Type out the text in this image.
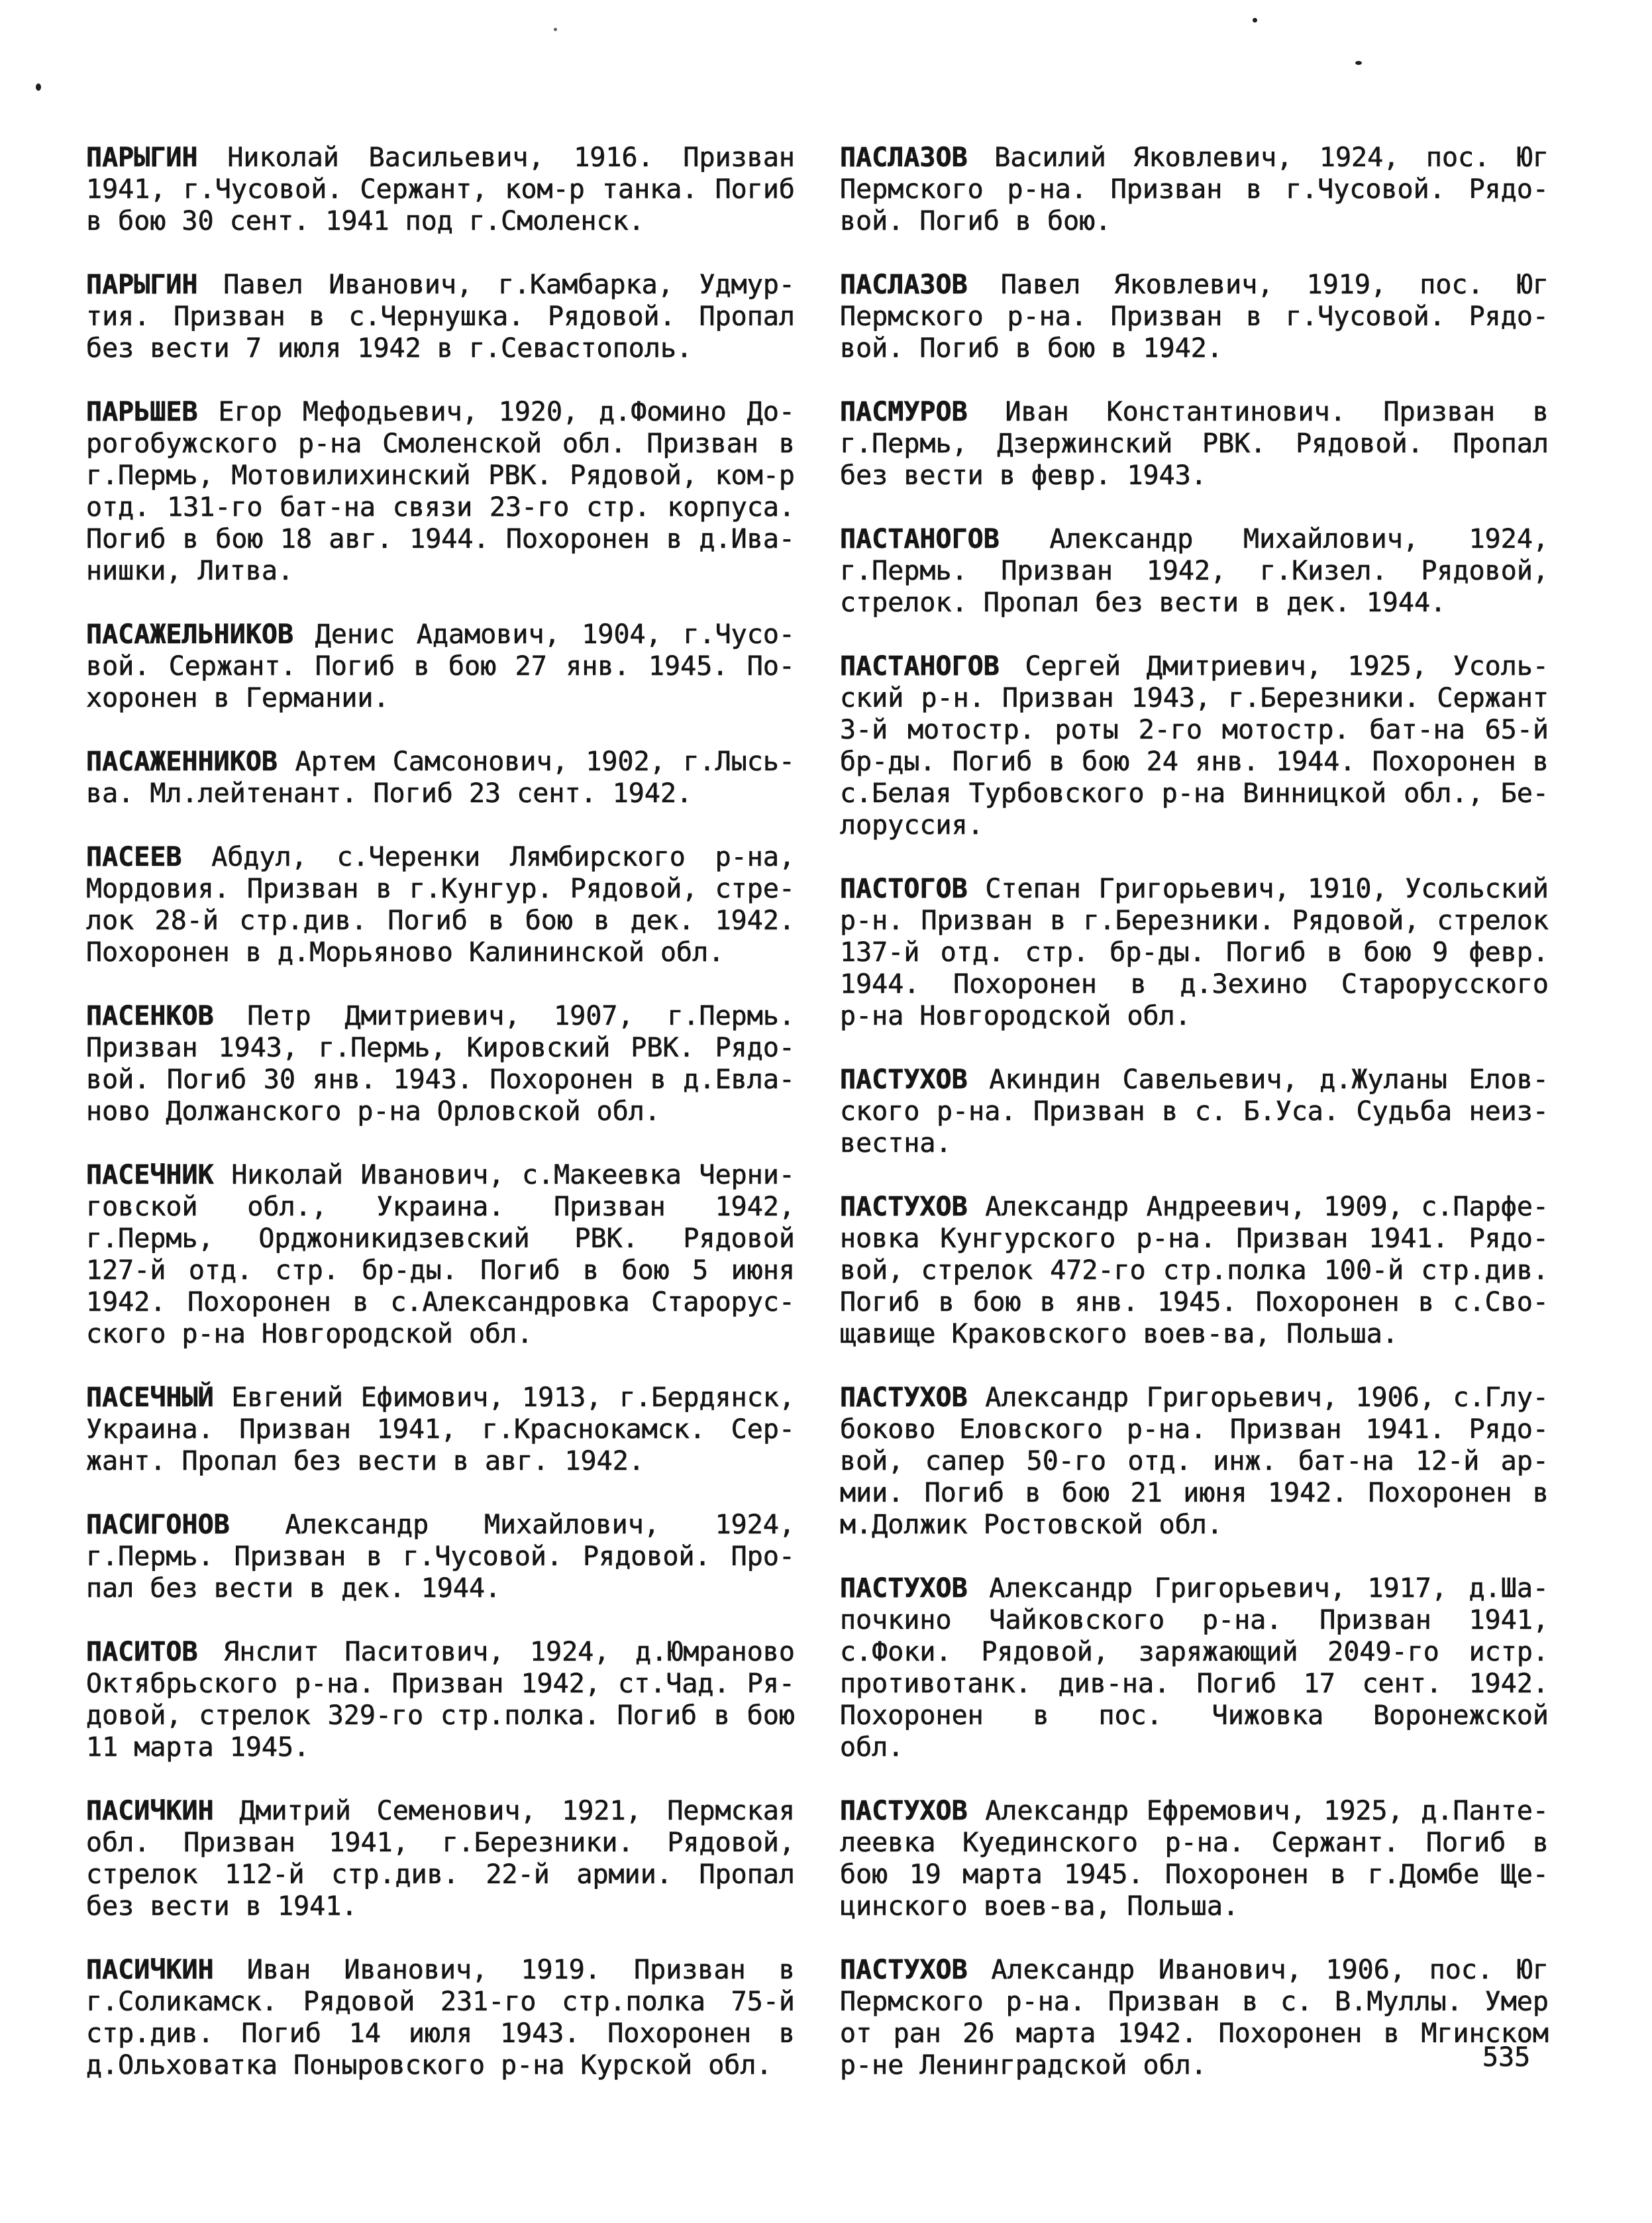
ПАРЫГИН Николай Васильевич, 1916. Призван
1941, г.Чусовой. Сержант, ком-р танка. Погиб
в бою 30 сент. 1941 под г.Смоленск.
ПАРЫГИН Павел Иванович, г.Камбарка, Удмур-
тия. Призван в с.Чернушка. Рядовой. Пропал
без вести 7 июля 1942 в г.Севастополь.
ПАРЬШЕВ Егор Мефодьевич, 1920, д.Фомино До-
рогобужского р-на Смоленской обл. Призван в
г.Пермь, Мотовилихинский РВК. Рядовой, ком-р
отд. 131-го бат-на связи 23-го стр. корпуса.
Погиб в бою 18 авг. 1944. Похоронен в д.Ива-
нишки, Литва.
ПАСАЖЕЛЬНИКОВ Денис Адамович, 1904, г.Чусо-
вой. Сержант. Погиб в бою 27 янв. 1945. По-
хоронен в Германии.
ПАСАЖЕННИКОВ Артем Самсонович, 1902, г.Лысь-
ва. Мл.лейтенант. Погиб 23 сент. 1942.
ПАСЕЕВ Абдул, с.Черенки Лямбирского р-на,
Мордовия. Призван в г.Кунгур. Рядовой, стре-
лок 28-й стр.див. Погиб в бою в дек. 1942.
Похоронен в д.Морьяново Калининской обл.
ПАСЕНКОВ Петр Дмитриевич, 1907, г.Пермь.
Призван 1943, г.Пермь, Кировский РВК. Рядо-
вой. Погиб 30 янв. 1943. Похоронен в д.Евла-
ново Должанского р-на Орловской обл.
ПАСЕЧНИК Николай Иванович, с.Макеевка Черни-
говской обл., Украина. Призван 1942,
г.Пермь, Орджоникидзевский РВК. Рядовой
127-й отд. стр. бр-ды. Погиб в бою 5 июня
1942. Похоронен в с.Александровка Старорус-
ского р-на Новгородской обл.
ПАСЕЧНЫЙ Евгений Ефимович, 1913, г.Бердянск,
Украина. Призван 1941, г.Краснокамск. Сер-
жант. Пропал без вести в авг. 1942.
ПАСИГОНОВ Александр Михайлович, 1924,
г.Пермь. Призван в г.Чусовой. Рядовой. Про-
пал без вести в дек. 1944.
ПАСИТОВ Янслит Паситович, 1924, д.Юмраново
Октябрьского р-на. Призван 1942, ст.Чад. Ря-
довой, стрелок 329-го стр.полка. Погиб в бою
11 марта 1945.
ПАСИЧКИН Дмитрий Семенович, 1921, Пермская
обл. Призван 1941, г.Березники. Рядовой,
стрелок 112-й стр.див. 22-й армии. Пропал
без вести в 1941.
ПАСИЧКИН Иван Иванович, 1919. Призван в
г.Соликамск. Рядовой 231-го стр.полка 75-й
стр.див. Погиб 14 июля 1943. Похоронен в
д.Ольховатка Поныровского р-на Курской обл.
ПАСЛАЗОВ Василий Яковлевич, 1924, пос. Юг
Пермского р-на. Призван в г.Чусовой. Рядо-
вой. Погиб в бою.
ПАСЛАЗОВ Павел Яковлевич, 1919, пос. Юг
Пермского р-на. Призван в г.Чусовой. Рядо-
вой. Погиб в бою в 1942.
ПАСМУРОВ Иван Константинович. Призван в
г.Пермь, Дзержинский РВК. Рядовой. Пропал
без вести в февр. 1943.
ПАСТАНОГОВ Александр Михайлович, 1924,
г.Пермь. Призван 1942, г.Кизел. Рядовой,
стрелок. Пропал без вести в дек. 1944.
ПАСТАНОГОВ Сергей Дмитриевич, 1925, Усоль-
ский р-н. Призван 1943, г.Березники. Сержант
3-й мотостр. роты 2-го мотостр. бат-на 65-й
бр-ды. Погиб в бою 24 янв. 1944. Похоронен в
с.Белая Турбовского р-на Винницкой обл., Бе-
лоруссия.
ПАСТОГОВ Степан Григорьевич, 1910, Усольский
р-н. Призван в г.Березники. Рядовой, стрелок
137-й отд. стр. бр-ды. Погиб в бою 9 февр.
1944. Похоронен в д.Зехино Старорусского
р-на Новгородской обл.
ПАСТУХОВ Акиндин Савельевич, д.Жуланы Елов-
ского р-на. Призван в с. Б.Уса. Судьба неиз-
вестна.
ПАСТУХОВ Александр Андреевич, 1909, с.Парфе-
новка Кунгурского р-на. Призван 1941. Рядо-
вой, стрелок 472-го стр.полка 100-й стр.див.
Погиб в бою в янв. 1945. Похоронен в с.Сво-
щавище Краковского воев-ва, Польша.
ПАСТУХОВ Александр Григорьевич, 1906, с.Глу-
боково Еловского р-на. Призван 1941. Рядо-
вой, сапер 50-го отд. инж. бат-на 12-й ар-
мии. Погиб в бою 21 июня 1942. Похоронен в
м.Должик Ростовской обл.
ПАСТУХОВ Александр Григорьевич, 1917, д.Ша-
почкино Чайковского р-на. Призван 1941,
с.Фоки. Рядовой, заряжающий 2049-го истр.
противотанк. див-на. Погиб 17 сент. 1942.
Похоронен в пос. Чижовка Воронежской
обл.
ПАСТУХОВ Александр Ефремович, 1925, д.Панте-
леевка Куединского р-на. Сержант. Погиб в
бою 19 марта 1945. Похоронен в г.Домбе Ще-
цинского воев-ва, Польша.
ПАСТУХОВ Александр Иванович, 1906, пос. Юг
Пермского р-на. Призван в с. В.Муллы. Умер
от ран 26 марта 1942. Похоронен в Мгинском
р-не Ленинградской обл.	535
